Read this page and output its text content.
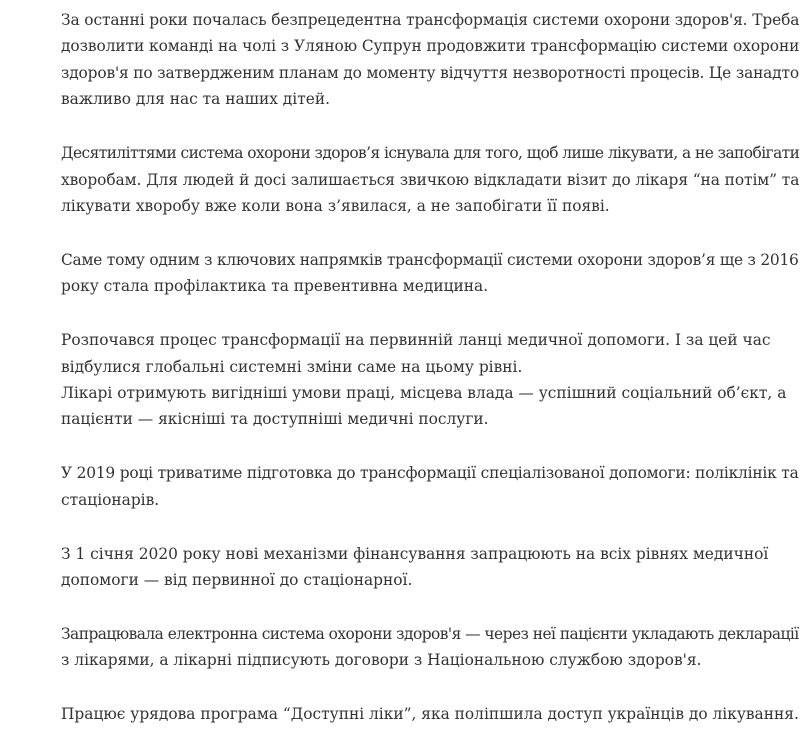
За останні роки почалась безпрецедентна трансформація системи охорони здоров'я. Треба
дозволити команді на чолі з Уляною Супрун продовжити трансформацію системи охорони
здоров'я по затвердженим планам до моменту відчуття незворотності процесів. Це занадто
важливо для нас та наших дітей.

Десятиліттями система охорони здоров’я існувала для того, щоб лише лікувати, а не запобігати
хворобам. Для людей й досі залишається звичкою відкладати візит до лікаря “на потім” та
лікувати хворобу вже коли вона з’явилася, а не запобігати її появі.

Саме тому одним з ключових напрямків трансформації системи охорони здоров’я ще з 2016
року стала профілактика та превентивна медицина.

Розпочався процес трансформації на первинній ланці медичної допомоги. І за цей час
відбулися глобальні системні зміни саме на цьому рівні.
Лікарі отримують вигідніші умови праці, місцева влада — успішний соціальний об’єкт, а
пацієнти — якісніші та доступніші медичні послуги.

У 2019 році триватиме підготовка до трансформації спеціалізованої допомоги: поліклінік та
стаціонарів.

З 1 січня 2020 року нові механізми фінансування запрацюють на всіх рівнях медичної
допомоги — від первинної до стаціонарної.

Запрацювала електронна система охорони здоров'я — через неї пацієнти укладають декларації
з лікарями, а лікарні підписують договори з Національною службою здоров'я.

Працює урядова програма “Доступні ліки”, яка поліпшила доступ українців до лікування.
